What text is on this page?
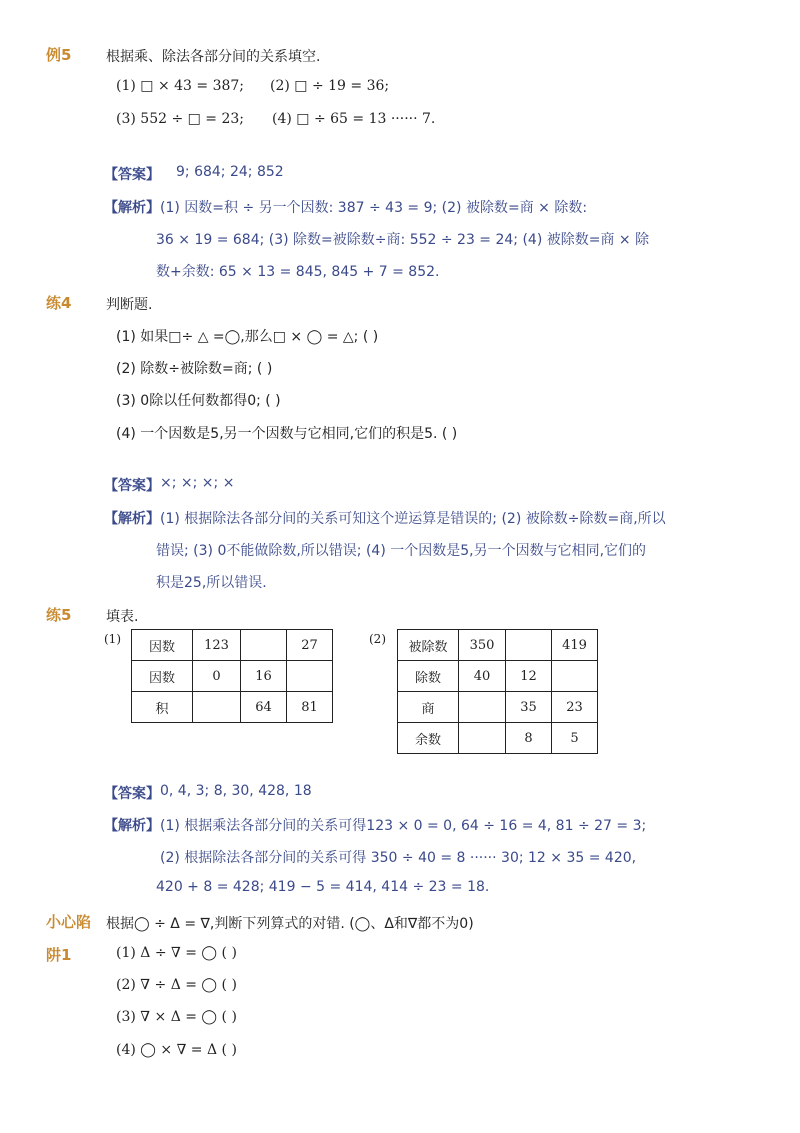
例5 根据乘、除法各部分间的关系填空.
(1) □ × 43 = 387; (2) □ ÷ 19 = 36;
(3) 552 ÷ □ = 23; (4) □ ÷ 65 = 13 ······ 7.
【答案】 9; 684; 24; 852
【解析】 (1) 因数=积 ÷ 另一个因数: 387 ÷ 43 = 9; (2) 被除数=商 × 除数:
36 × 19 = 684; (3) 除数=被除数÷商: 552 ÷ 23 = 24; (4) 被除数=商 × 除
数+余数: 65 × 13 = 845, 845 + 7 = 852.
练4 判断题.
(1) 如果□÷ △ =◯,那么□ × ◯ = △; ( )
(2) 除数÷被除数=商; ( )
(3) 0除以任何数都得0; ( )
(4) 一个因数是5,另一个因数与它相同,它们的积是5. ( )
【答案】 ×; ×; ×; ×
【解析】 (1) 根据除法各部分间的关系可知这个逆运算是错误的; (2) 被除数÷除数=商,所以
错误; (3) 0不能做除数,所以错误; (4) 一个因数是5,另一个因数与它相同,它们的
积是25,所以错误.
练5 填表.
(1)
因数	123		27
因数	0	16	
积		64	81
(2)
被除数	350		419
除数	40	12	
商		35	23
余数		8	5
【答案】 0, 4, 3; 8, 30, 428, 18
【解析】 (1) 根据乘法各部分间的关系可得123 × 0 = 0, 64 ÷ 16 = 4, 81 ÷ 27 = 3;
(2) 根据除法各部分间的关系可得 350 ÷ 40 = 8 ······ 30; 12 × 35 = 420,
420 + 8 = 428; 419 − 5 = 414, 414 ÷ 23 = 18.
小心陷
阱1
根据◯ ÷ Δ = ∇,判断下列算式的对错. (◯、Δ和∇都不为0)
(1) Δ ÷ ∇ = ◯ ( )
(2) ∇ ÷ Δ = ◯ ( )
(3) ∇ × Δ = ◯ ( )
(4) ◯ × ∇ = Δ ( )
